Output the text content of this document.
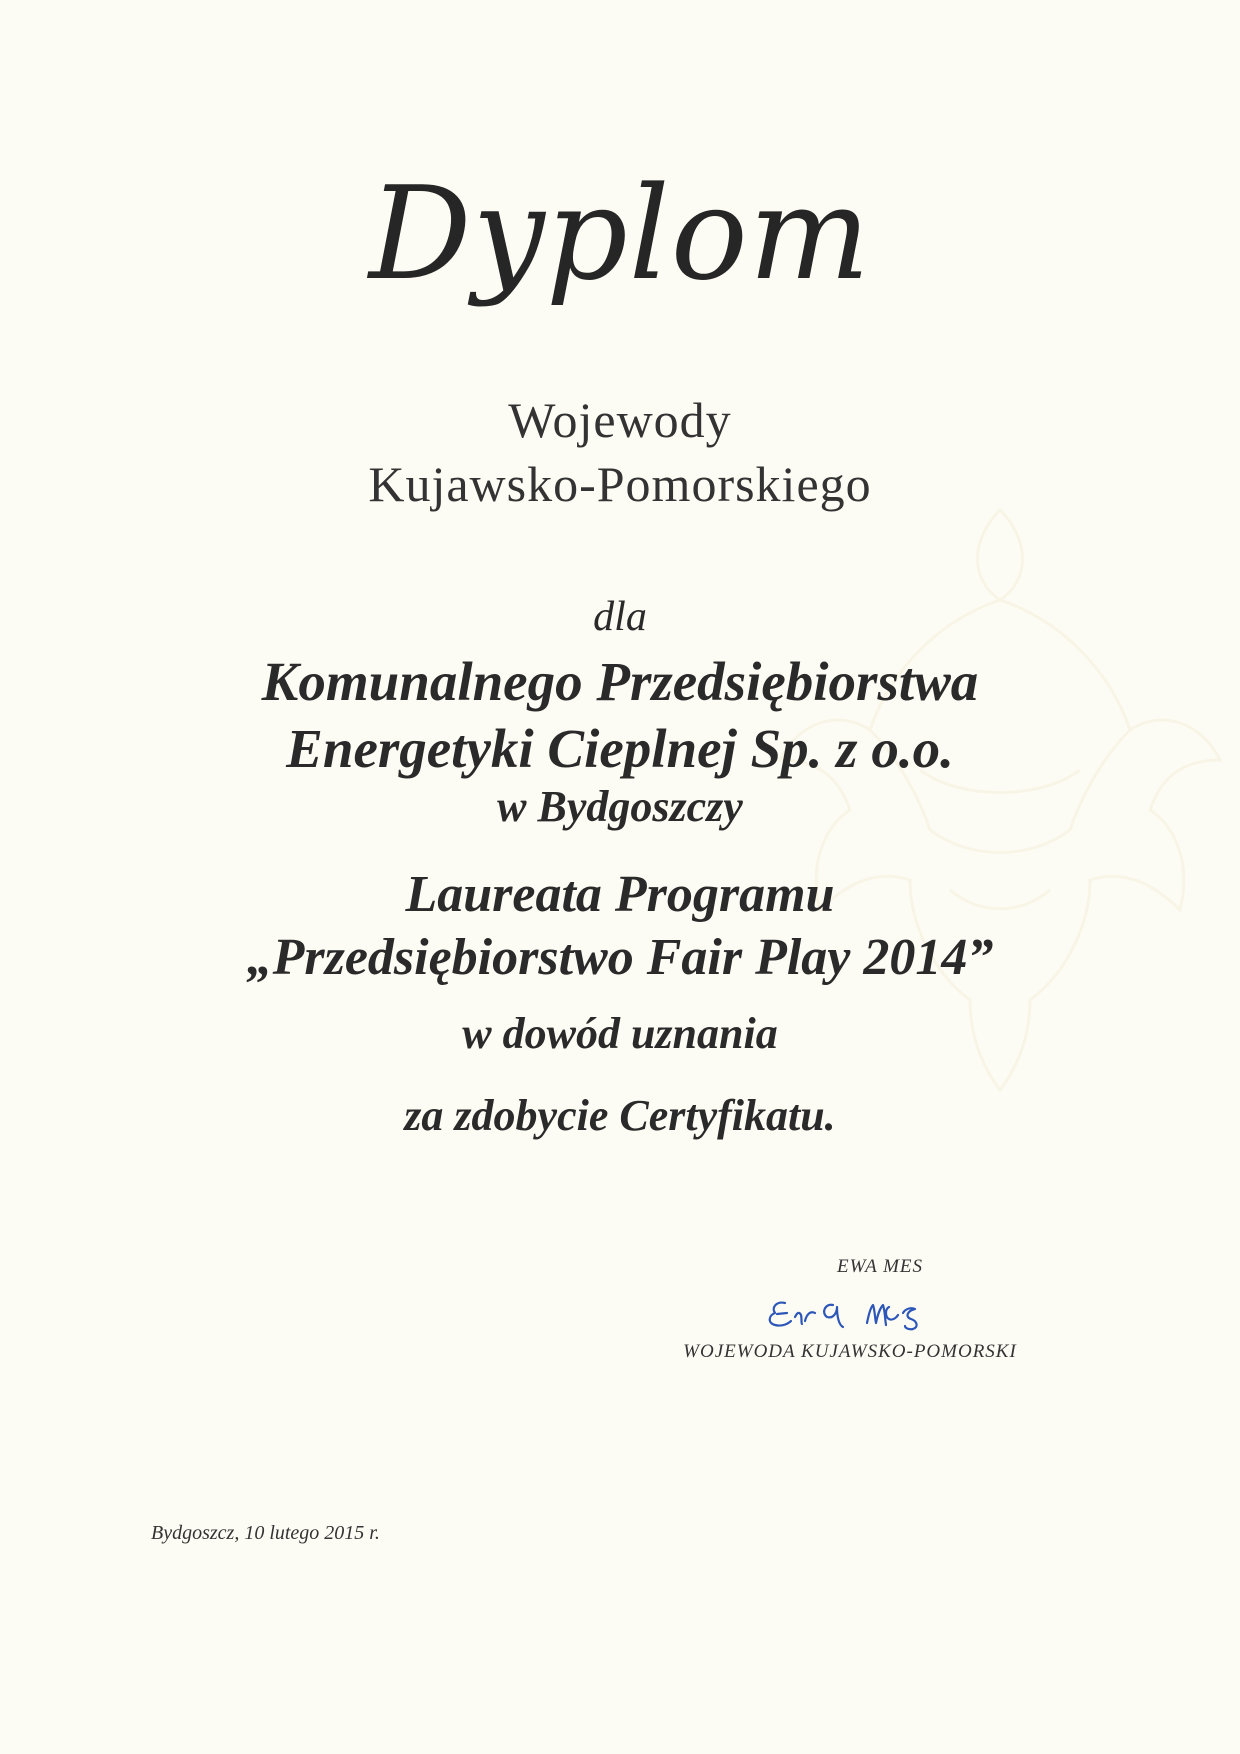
Dyplom
Wojewody
Kujawsko-Pomorskiego
dla
Komunalnego Przedsiębiorstwa
Energetyki Cieplnej Sp. z o.o.
w Bydgoszczy
Laureata Programu
„Przedsiębiorstwo Fair Play 2014”
w dowód uznania
za zdobycie Certyfikatu.
EWA MES
WOJEWODA KUJAWSKO-POMORSKI
Bydgoszcz, 10 lutego 2015 r.
